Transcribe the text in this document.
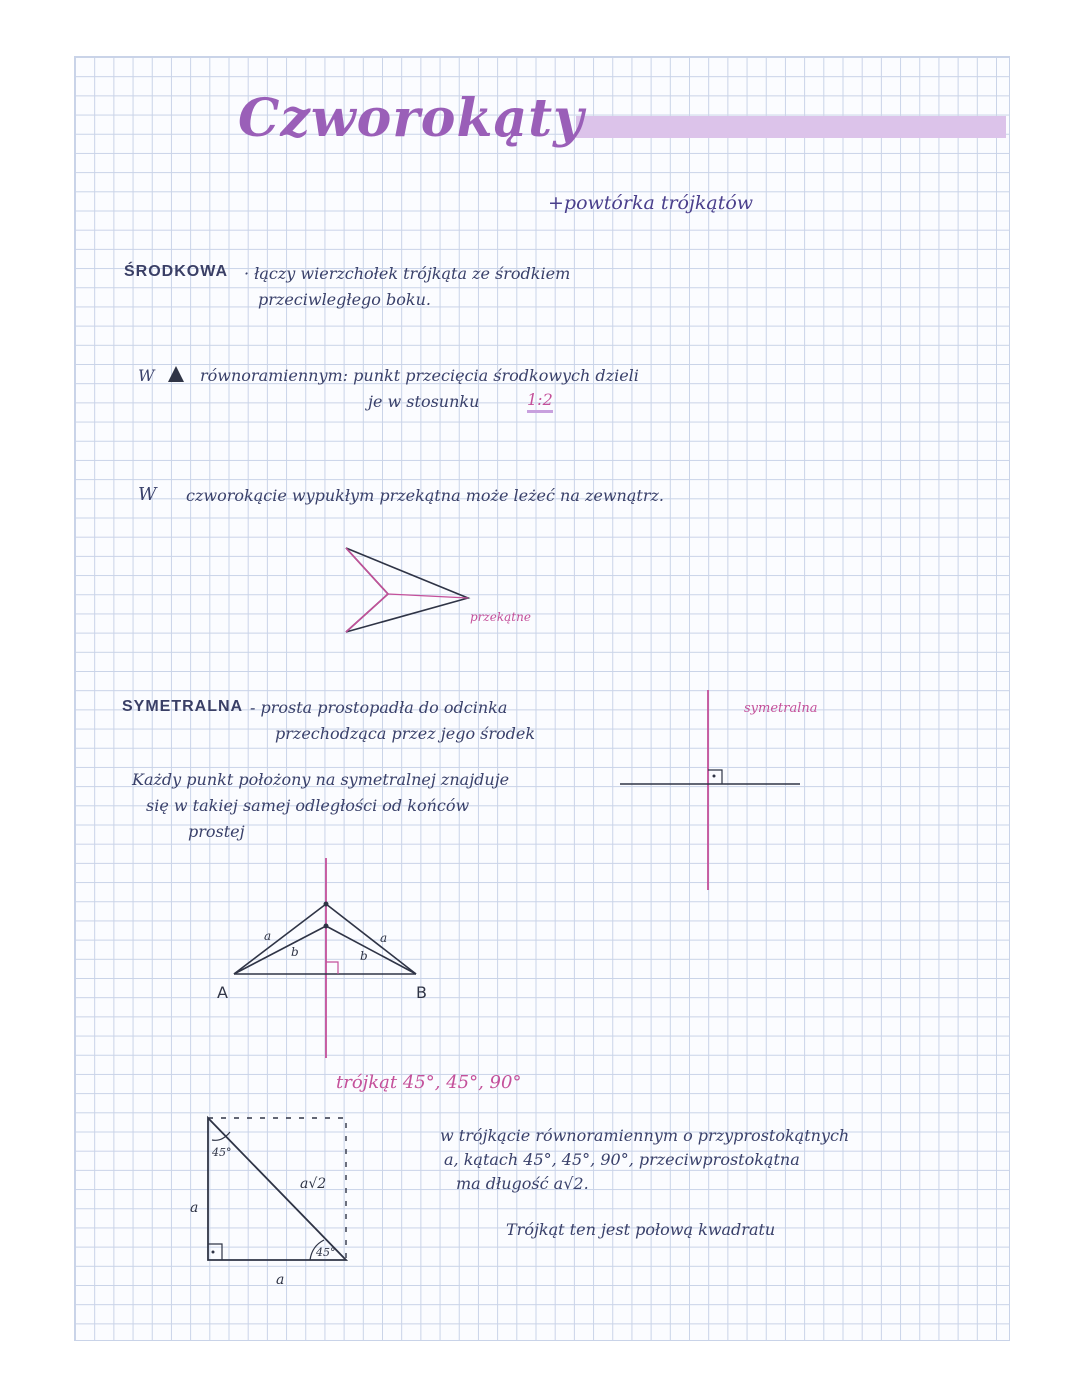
Czworokąty

+powtórka trójkątów

ŚRODKOWA · łączy wierzchołek trójkąta ze środkiem

przeciwległego boku.

W	równoramiennym: punkt przecięcia środkowych dzieli

je w stosunku	1:2

W czworokącie wypukłym przekątna może leżeć na zewnątrz.

SYMETRALNA - prosta prostopadła do odcinka

przechodząca przez jego środek

Każdy punkt położony na symetralnej znajduje

się w takiej samej odległości od końców

prostej

trójkąt 45°, 45°, 90°

w trójkącie równoramiennym o przyprostokątnych

a, kątach 45°, 45°, 90°, przeciwprostokątna

ma długość a√2.

Trójkąt ten jest połową kwadratu

przekątne
symetralna
a
b
a
b
A	B
45°
45°
a√2
a
a
